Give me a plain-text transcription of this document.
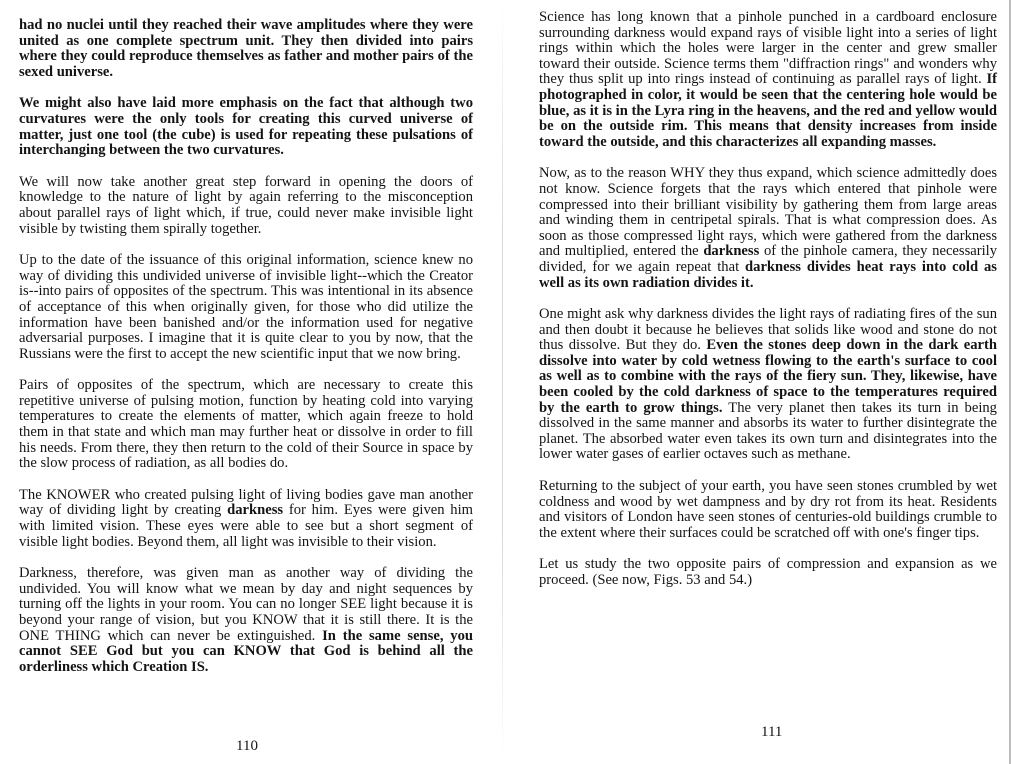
had no nuclei until they reached their wave amplitudes where they were united as one complete spectrum unit. They then divided into pairs where they could reproduce themselves as father and mother pairs of the sexed universe.

We might also have laid more emphasis on the fact that although two curvatures were the only tools for creating this curved universe of matter, just one tool (the cube) is used for repeating these pulsations of interchanging between the two curvatures.

We will now take another great step forward in opening the doors of knowledge to the nature of light by again referring to the misconception about parallel rays of light which, if true, could never make invisible light visible by twisting them spirally together.

Up to the date of the issuance of this original information, science knew no way of dividing this undivided universe of invisible light--which the Creator is--into pairs of opposites of the spectrum. This was intentional in its absence of acceptance of this when originally given, for those who did utilize the information have been banished and/or the information used for negative adversarial purposes. I imagine that it is quite clear to you by now, that the Russians were the first to accept the new scientific input that we now bring.

Pairs of opposites of the spectrum, which are necessary to create this repetitive universe of pulsing motion, function by heating cold into varying temperatures to create the elements of matter, which again freeze to hold them in that state and which man may further heat or dissolve in order to fill his needs. From there, they then return to the cold of their Source in space by the slow process of radiation, as all bodies do.

The KNOWER who created pulsing light of living bodies gave man another way of dividing light by creating darkness for him. Eyes were given him with limited vision. These eyes were able to see but a short segment of visible light bodies. Beyond them, all light was invisible to their vision.

Darkness, therefore, was given man as another way of dividing the undivided. You will know what we mean by day and night sequences by turning off the lights in your room. You can no longer SEE light because it is beyond your range of vision, but you KNOW that it is still there. It is the ONE THING which can never be extinguished. In the same sense, you cannot SEE God but you can KNOW that God is behind all the orderliness which Creation IS.

110

Science has long known that a pinhole punched in a cardboard enclosure surrounding darkness would expand rays of visible light into a series of light rings within which the holes were larger in the center and grew smaller toward their outside. Science terms them "diffraction rings" and wonders why they thus split up into rings instead of continuing as parallel rays of light. If photographed in color, it would be seen that the centering hole would be blue, as it is in the Lyra ring in the heavens, and the red and yellow would be on the outside rim. This means that density increases from inside toward the outside, and this characterizes all expanding masses.

Now, as to the reason WHY they thus expand, which science admittedly does not know. Science forgets that the rays which entered that pinhole were compressed into their brilliant visibility by gathering them from large areas and winding them in centripetal spirals. That is what compression does. As soon as those compressed light rays, which were gathered from the darkness and multiplied, entered the darkness of the pinhole camera, they necessarily divided, for we again repeat that darkness divides heat rays into cold as well as its own radiation divides it.

One might ask why darkness divides the light rays of radiating fires of the sun and then doubt it because he believes that solids like wood and stone do not thus dissolve. But they do. Even the stones deep down in the dark earth dissolve into water by cold wetness flowing to the earth's surface to cool as well as to combine with the rays of the fiery sun. They, likewise, have been cooled by the cold darkness of space to the temperatures required by the earth to grow things. The very planet then takes its turn in being dissolved in the same manner and absorbs its water to further disintegrate the planet. The absorbed water even takes its own turn and disintegrates into the lower water gases of earlier octaves such as methane.

Returning to the subject of your earth, you have seen stones crumbled by wet coldness and wood by wet dampness and by dry rot from its heat. Residents and visitors of London have seen stones of centuries-old buildings crumble to the extent where their surfaces could be scratched off with one's finger tips.

Let us study the two opposite pairs of compression and expansion as we proceed. (See now, Figs. 53 and 54.)

111
